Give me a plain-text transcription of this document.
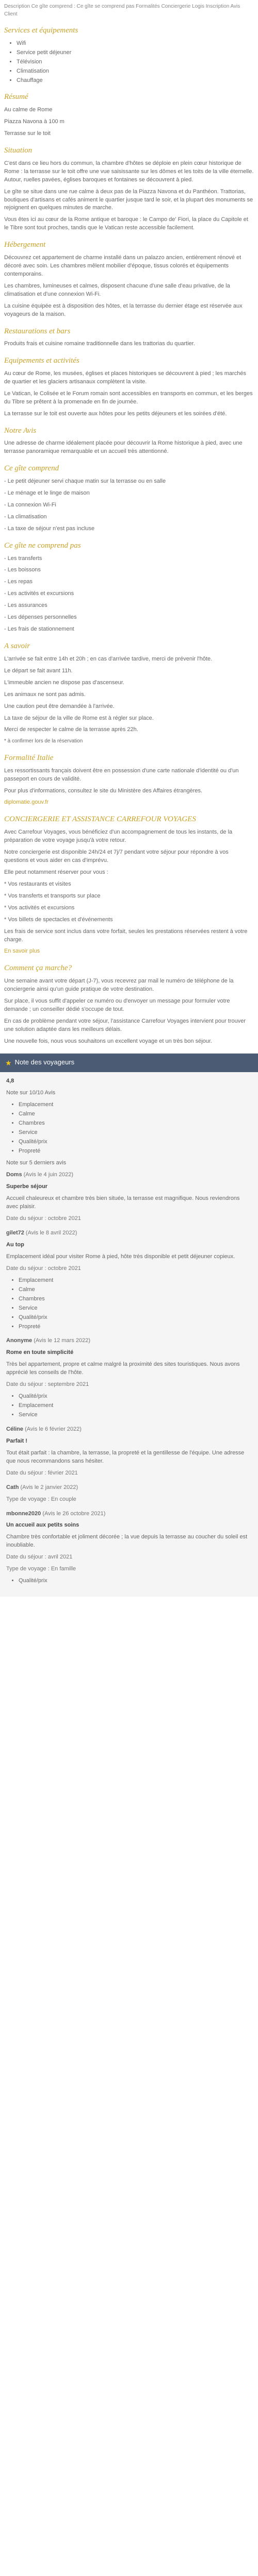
Description Ce gîte comprend : Ce gîte se comprend pas Formalités Conciergerie Logis Inscription Avis Client

Services et équipements
• Wifi
• Service petit déjeuner
• Télévision
• Climatisation
• Chauffage
Résumé

Au calme de Rome

Piazza Navona à 100 m

Terrasse sur le toit

Situation

C'est dans ce lieu hors du commun, la chambre d'hôtes se déploie en plein cœur historique de Rome : la terrasse sur le toit offre une vue saisissante sur les dômes et les toits de la ville éternelle. Autour, ruelles pavées, églises baroques et fontaines se découvrent à pied.

Le gîte se situe dans une rue calme à deux pas de la Piazza Navona et du Panthéon. Trattorias, boutiques d'artisans et cafés animent le quartier jusque tard le soir, et la plupart des monuments se rejoignent en quelques minutes de marche.

Vous êtes ici au cœur de la Rome antique et baroque : le Campo de' Fiori, la place du Capitole et le Tibre sont tout proches, tandis que le Vatican reste accessible facilement.

Hébergement

Découvrez cet appartement de charme installé dans un palazzo ancien, entièrement rénové et décoré avec soin. Les chambres mêlent mobilier d'époque, tissus colorés et équipements contemporains.

Les chambres, lumineuses et calmes, disposent chacune d'une salle d'eau privative, de la climatisation et d'une connexion Wi-Fi.

La cuisine équipée est à disposition des hôtes, et la terrasse du dernier étage est réservée aux voyageurs de la maison.

Restaurations et bars

Produits frais et cuisine romaine traditionnelle dans les trattorias du quartier.

Equipements et activités

Au cœur de Rome, les musées, églises et places historiques se découvrent à pied ; les marchés de quartier et les glaciers artisanaux complètent la visite.

Le Vatican, le Colisée et le Forum romain sont accessibles en transports en commun, et les berges du Tibre se prêtent à la promenade en fin de journée.

La terrasse sur le toit est ouverte aux hôtes pour les petits déjeuners et les soirées d'été.

Notre Avis

Une adresse de charme idéalement placée pour découvrir la Rome historique à pied, avec une terrasse panoramique remarquable et un accueil très attentionné.

Ce gîte comprend

- Le petit déjeuner servi chaque matin sur la terrasse ou en salle

- Le ménage et le linge de maison

- La connexion Wi-Fi

- La climatisation

- La taxe de séjour n'est pas incluse

Ce gîte ne comprend pas

- Les transferts

- Les boissons

- Les repas

- Les activités et excursions

- Les assurances

- Les dépenses personnelles

- Les frais de stationnement

A savoir

L'arrivée se fait entre 14h et 20h ; en cas d'arrivée tardive, merci de prévenir l'hôte.

Le départ se fait avant 11h.

L'immeuble ancien ne dispose pas d'ascenseur.

Les animaux ne sont pas admis.

Une caution peut être demandée à l'arrivée.

La taxe de séjour de la ville de Rome est à régler sur place.

Merci de respecter le calme de la terrasse après 22h.

* à confirmer lors de la réservation

Formalité Italie

Les ressortissants français doivent être en possession d'une carte nationale d'identité ou d'un passeport en cours de validité.

Pour plus d'informations, consultez le site du Ministère des Affaires étrangères.

diplomatie.gouv.fr

CONCIERGERIE ET ASSISTANCE CARREFOUR VOYAGES

Avec Carrefour Voyages, vous bénéficiez d'un accompagnement de tous les instants, de la préparation de votre voyage jusqu'à votre retour.

Notre conciergerie est disponible 24h/24 et 7j/7 pendant votre séjour pour répondre à vos questions et vous aider en cas d'imprévu.

Elle peut notamment réserver pour vous :

* Vos restaurants et visites

* Vos transferts et transports sur place

* Vos activités et excursions

* Vos billets de spectacles et d'événements

Les frais de service sont inclus dans votre forfait, seules les prestations réservées restent à votre charge.

En savoir plus

Comment ça marche?

Une semaine avant votre départ (J-7), vous recevrez par mail le numéro de téléphone de la conciergerie ainsi qu'un guide pratique de votre destination.

Sur place, il vous suffit d'appeler ce numéro ou d'envoyer un message pour formuler votre demande ; un conseiller dédié s'occupe de tout.

En cas de problème pendant votre séjour, l'assistance Carrefour Voyages intervient pour trouver une solution adaptée dans les meilleurs délais.

Une nouvelle fois, nous vous souhaitons un excellent voyage et un très bon séjour.

★ Note des voyageurs

4,8

Note sur 10/10 Avis

• Emplacement
• Calme
• Chambres
• Service
• Qualité/prix
• Propreté

Note sur 5 derniers avis

Doms (Avis le 4 juin 2022)

Superbe séjour

Accueil chaleureux et chambre très bien située, la terrasse est magnifique. Nous reviendrons avec plaisir.

Date du séjour : octobre 2021

gilet72 (Avis le 8 avril 2022)

Au top

Emplacement idéal pour visiter Rome à pied, hôte très disponible et petit déjeuner copieux.

Date du séjour : octobre 2021

• Emplacement
• Calme
• Chambres
• Service
• Qualité/prix
• Propreté

Anonyme (Avis le 12 mars 2022)

Rome en toute simplicité

Très bel appartement, propre et calme malgré la proximité des sites touristiques. Nous avons apprécié les conseils de l'hôte.

Date du séjour : septembre 2021

• Qualité/prix
• Emplacement
• Service

Céline (Avis le 6 février 2022)

Parfait !

Tout était parfait : la chambre, la terrasse, la propreté et la gentillesse de l'équipe. Une adresse que nous recommandons sans hésiter.

Date du séjour : février 2021

Cath (Avis le 2 janvier 2022)

Type de voyage : En couple

mbonne2020 (Avis le 26 octobre 2021)

Un accueil aux petits soins

Chambre très confortable et joliment décorée ; la vue depuis la terrasse au coucher du soleil est inoubliable.

Date du séjour : avril 2021

Type de voyage : En famille

• Qualité/prix
